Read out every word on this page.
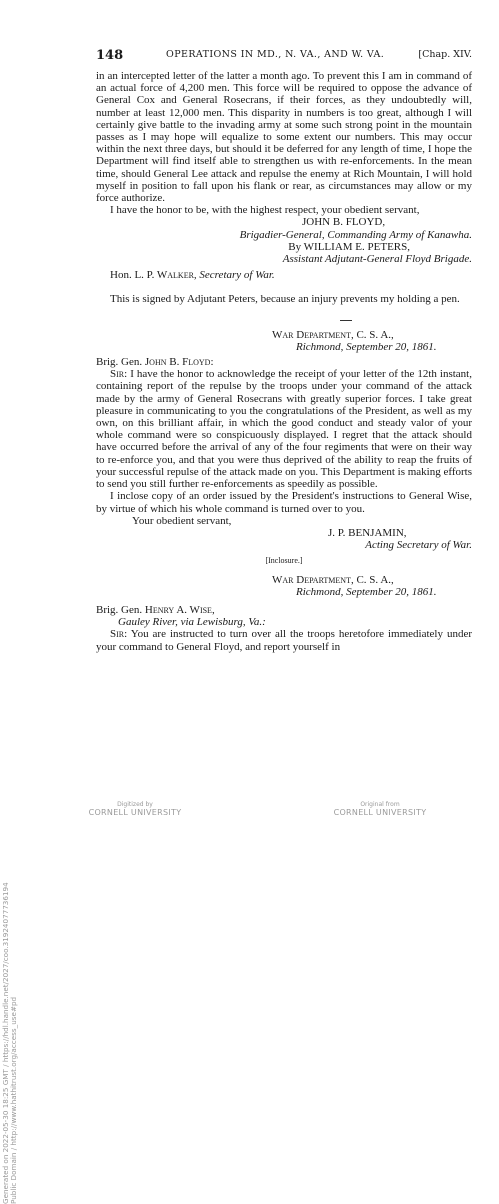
148	OPERATIONS IN MD., N. VA., AND W. VA.	[Chap. XIV.

in an intercepted letter of the latter a month ago. To prevent this I am in command of an actual force of 4,200 men. This force will be required to oppose the advance of General Cox and General Rosecrans, if their forces, as they undoubtedly will, number at least 12,000 men. This disparity in numbers is too great, although I will certainly give battle to the invading army at some such strong point in the mountain passes as I may hope will equalize to some extent our numbers. This may occur within the next three days, but should it be deferred for any length of time, I hope the Department will find itself able to strengthen us with re-enforcements. In the mean time, should General Lee attack and repulse the enemy at Rich Mountain, I will hold myself in position to fall upon his flank or rear, as circumstances may allow or my force authorize.

I have the honor to be, with the highest respect, your obedient servant,

JOHN B. FLOYD,

Brigadier-General, Commanding Army of Kanawha.

By WILLIAM E. PETERS,

Assistant Adjutant-General Floyd Brigade.

Hon. L. P. Walker, Secretary of War.

This is signed by Adjutant Peters, because an injury prevents my holding a pen.

War Department, C. S. A.,

Richmond, September 20, 1861.

Brig. Gen. John B. Floyd:

Sir: I have the honor to acknowledge the receipt of your letter of the 12th instant, containing report of the repulse by the troops under your command of the attack made by the army of General Rosecrans with greatly superior forces. I take great pleasure in communicating to you the congratulations of the President, as well as my own, on this brilliant affair, in which the good conduct and steady valor of your whole command were so conspicuously displayed. I regret that the attack should have occurred before the arrival of any of the four regiments that were on their way to re-enforce you, and that you were thus deprived of the ability to reap the fruits of your successful repulse of the attack made on you. This Department is making efforts to send you still further re-enforcements as speedily as possible.

I inclose copy of an order issued by the President's instructions to General Wise, by virtue of which his whole command is turned over to you.

Your obedient servant,

J. P. BENJAMIN,

Acting Secretary of War.

[Inclosure.]

War Department, C. S. A.,

Richmond, September 20, 1861.

Brig. Gen. Henry A. Wise,

Gauley River, via Lewisburg, Va.:

Sir: You are instructed to turn over all the troops heretofore immediately under your command to General Floyd, and report yourself in

Generated on 2022-05-30 18:25 GMT / https://hdl.handle.net/2027/coo.31924077736194 Public Domain / http://www.hathitrust.org/access_use#pd
Digitized by
CORNELL UNIVERSITY
Original from
CORNELL UNIVERSITY
